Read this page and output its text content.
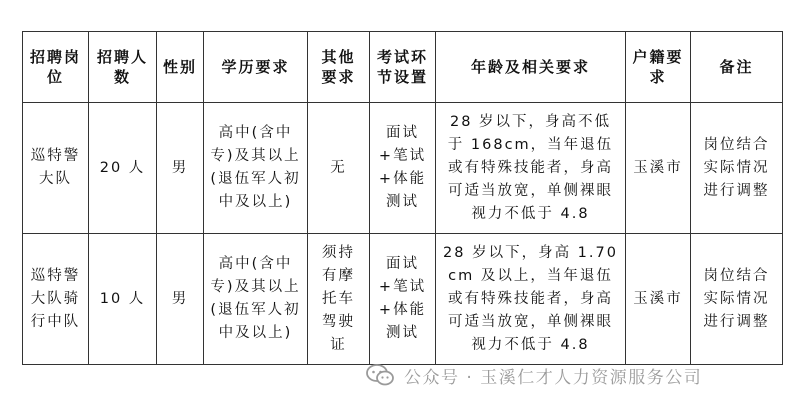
招聘岗位	招聘人数	性别	学历要求	其他要求	考试环节设置	年龄及相关要求	户籍要求	备注
巡特警大队	20 人	男	高中(含中专)及其以上(退伍军人初中及以上)	无	面试+笔试+体能测试	28 岁以下，身高不低于 168cm，当年退伍或有特殊技能者，身高可适当放宽，单侧裸眼视力不低于 4.8	玉溪市	岗位结合实际情况进行调整
巡特警大队骑行中队	10 人	男	高中(含中专)及其以上(退伍军人初中及以上)	须持有摩托车驾驶证	面试+笔试+体能测试	28 岁以下，身高 1.70cm 及以上，当年退伍或有特殊技能者，身高可适当放宽，单侧裸眼视力不低于 4.8	玉溪市	岗位结合实际情况进行调整
公众号 · 玉溪仁才人力资源服务公司
